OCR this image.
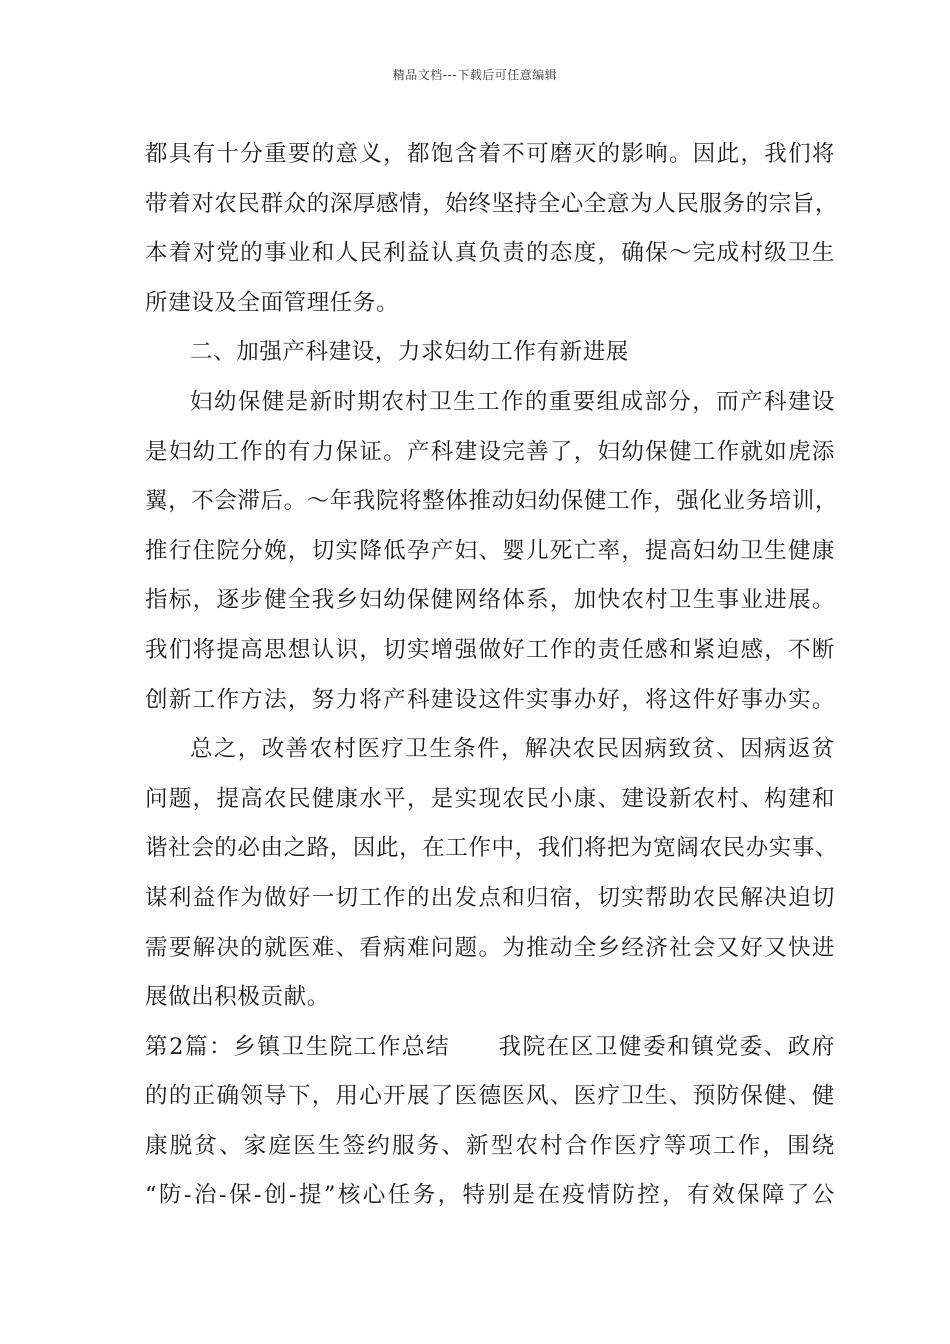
精品文档---下载后可任意编辑
都具有十分重要的意义，都饱含着不可磨灭的影响。因此，我们将
带着对农民群众的深厚感情，始终坚持全心全意为人民服务的宗旨，
本着对党的事业和人民利益认真负责的态度，确保～完成村级卫生
所建设及全面管理任务。
二、加强产科建设，力求妇幼工作有新进展
妇幼保健是新时期农村卫生工作的重要组成部分，而产科建设
是妇幼工作的有力保证。产科建设完善了，妇幼保健工作就如虎添
翼，不会滞后。～年我院将整体推动妇幼保健工作，强化业务培训，
推行住院分娩，切实降低孕产妇、婴儿死亡率，提高妇幼卫生健康
指标，逐步健全我乡妇幼保健网络体系，加快农村卫生事业进展。
我们将提高思想认识，切实增强做好工作的责任感和紧迫感，不断
创新工作方法，努力将产科建设这件实事办好，将这件好事办实。
总之，改善农村医疗卫生条件，解决农民因病致贫、因病返贫
问题，提高农民健康水平，是实现农民小康、建设新农村、构建和
谐社会的必由之路，因此，在工作中，我们将把为宽阔农民办实事、
谋利益作为做好一切工作的出发点和归宿，切实帮助农民解决迫切
需要解决的就医难、看病难问题。为推动全乡经济社会又好又快进
展做出积极贡献。
第2篇：乡镇卫生院工作总结　　我院在区卫健委和镇党委、政府
的的正确领导下，用心开展了医德医风、医疗卫生、预防保健、健
康脱贫、家庭医生签约服务、新型农村合作医疗等项工作，围绕
“防-治-保-创-提”核心任务，特别是在疫情防控，有效保障了公
